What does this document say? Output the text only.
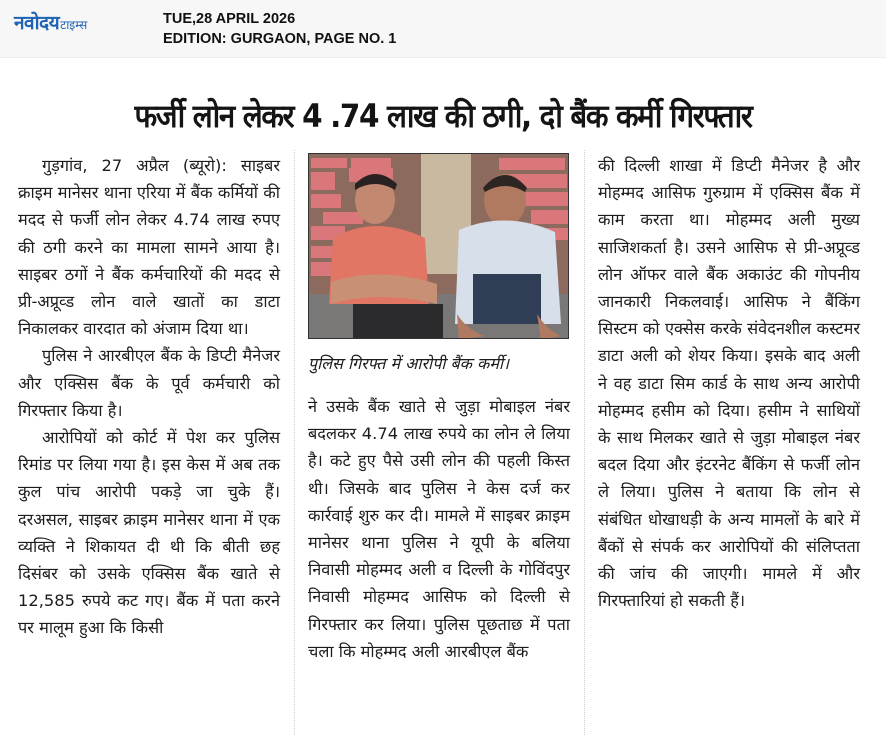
नवोदय टाइम्स	TUE,28 APRIL 2026
EDITION: GURGAON, PAGE NO. 1
फर्जी लोन लेकर 4 .74 लाख की ठगी, दो बैंक कर्मी गिरफ्तार

गुड़गांव, 27 अप्रैल (ब्यूरो): साइबर क्राइम मानेसर थाना एरिया में बैंक कर्मियों की मदद से फर्जी लोन लेकर 4.74 लाख रुपए की ठगी करने का मामला सामने आया है। साइबर ठगों ने बैंक कर्मचारियों की मदद से प्री-अप्रूव्ड लोन वाले खातों का डाटा निकालकर वारदात को अंजाम दिया था।

पुलिस ने आरबीएल बैंक के डिप्टी मैनेजर और एक्सिस बैंक के पूर्व कर्मचारी को गिरफ्तार किया है।

आरोपियों को कोर्ट में पेश कर पुलिस रिमांड पर लिया गया है। इस केस में अब तक कुल पांच आरोपी पकड़े जा चुके हैं। दरअसल, साइबर क्राइम मानेसर थाना में एक व्यक्ति ने शिकायत दी थी कि बीती छह दिसंबर को उसके एक्सिस बैंक खाते से 12,585 रुपये कट गए। बैंक में पता करने पर मालूम हुआ कि किसी

पुलिस गिरफ्त में आरोपी बैंक कर्मी।

ने उसके बैंक खाते से जुड़ा मोबाइल नंबर बदलकर 4.74 लाख रुपये का लोन ले लिया है। कटे हुए पैसे उसी लोन की पहली किस्त थी। जिसके बाद पुलिस ने केस दर्ज कर कार्रवाई शुरु कर दी। मामले में साइबर क्राइम मानेसर थाना पुलिस ने यूपी के बलिया निवासी मोहम्मद अली व दिल्ली के गोविंदपुर निवासी मोहम्मद आसिफ को दिल्ली से गिरफ्तार कर लिया। पुलिस पूछताछ में पता चला कि मोहम्मद अली आरबीएल बैंक

की दिल्ली शाखा में डिप्टी मैनेजर है और मोहम्मद आसिफ गुरुग्राम में एक्सिस बैंक में काम करता था। मोहम्मद अली मुख्य साजिशकर्ता है। उसने आसिफ से प्री-अप्रूव्ड लोन ऑफर वाले बैंक अकाउंट की गोपनीय जानकारी निकलवाई। आसिफ ने बैंकिंग सिस्टम को एक्सेस करके संवेदनशील कस्टमर डाटा अली को शेयर किया। इसके बाद अली ने वह डाटा सिम कार्ड के साथ अन्य आरोपी मोहम्मद हसीम को दिया। हसीम ने साथियों के साथ मिलकर खाते से जुड़ा मोबाइल नंबर बदल दिया और इंटरनेट बैंकिंग से फर्जी लोन ले लिया। पुलिस ने बताया कि लोन से संबंधित धोखाधड़ी के अन्य मामलों के बारे में बैंकों से संपर्क कर आरोपियों की संलिप्तता की जांच की जाएगी। मामले में और गिरफ्तारियां हो सकती हैं।
